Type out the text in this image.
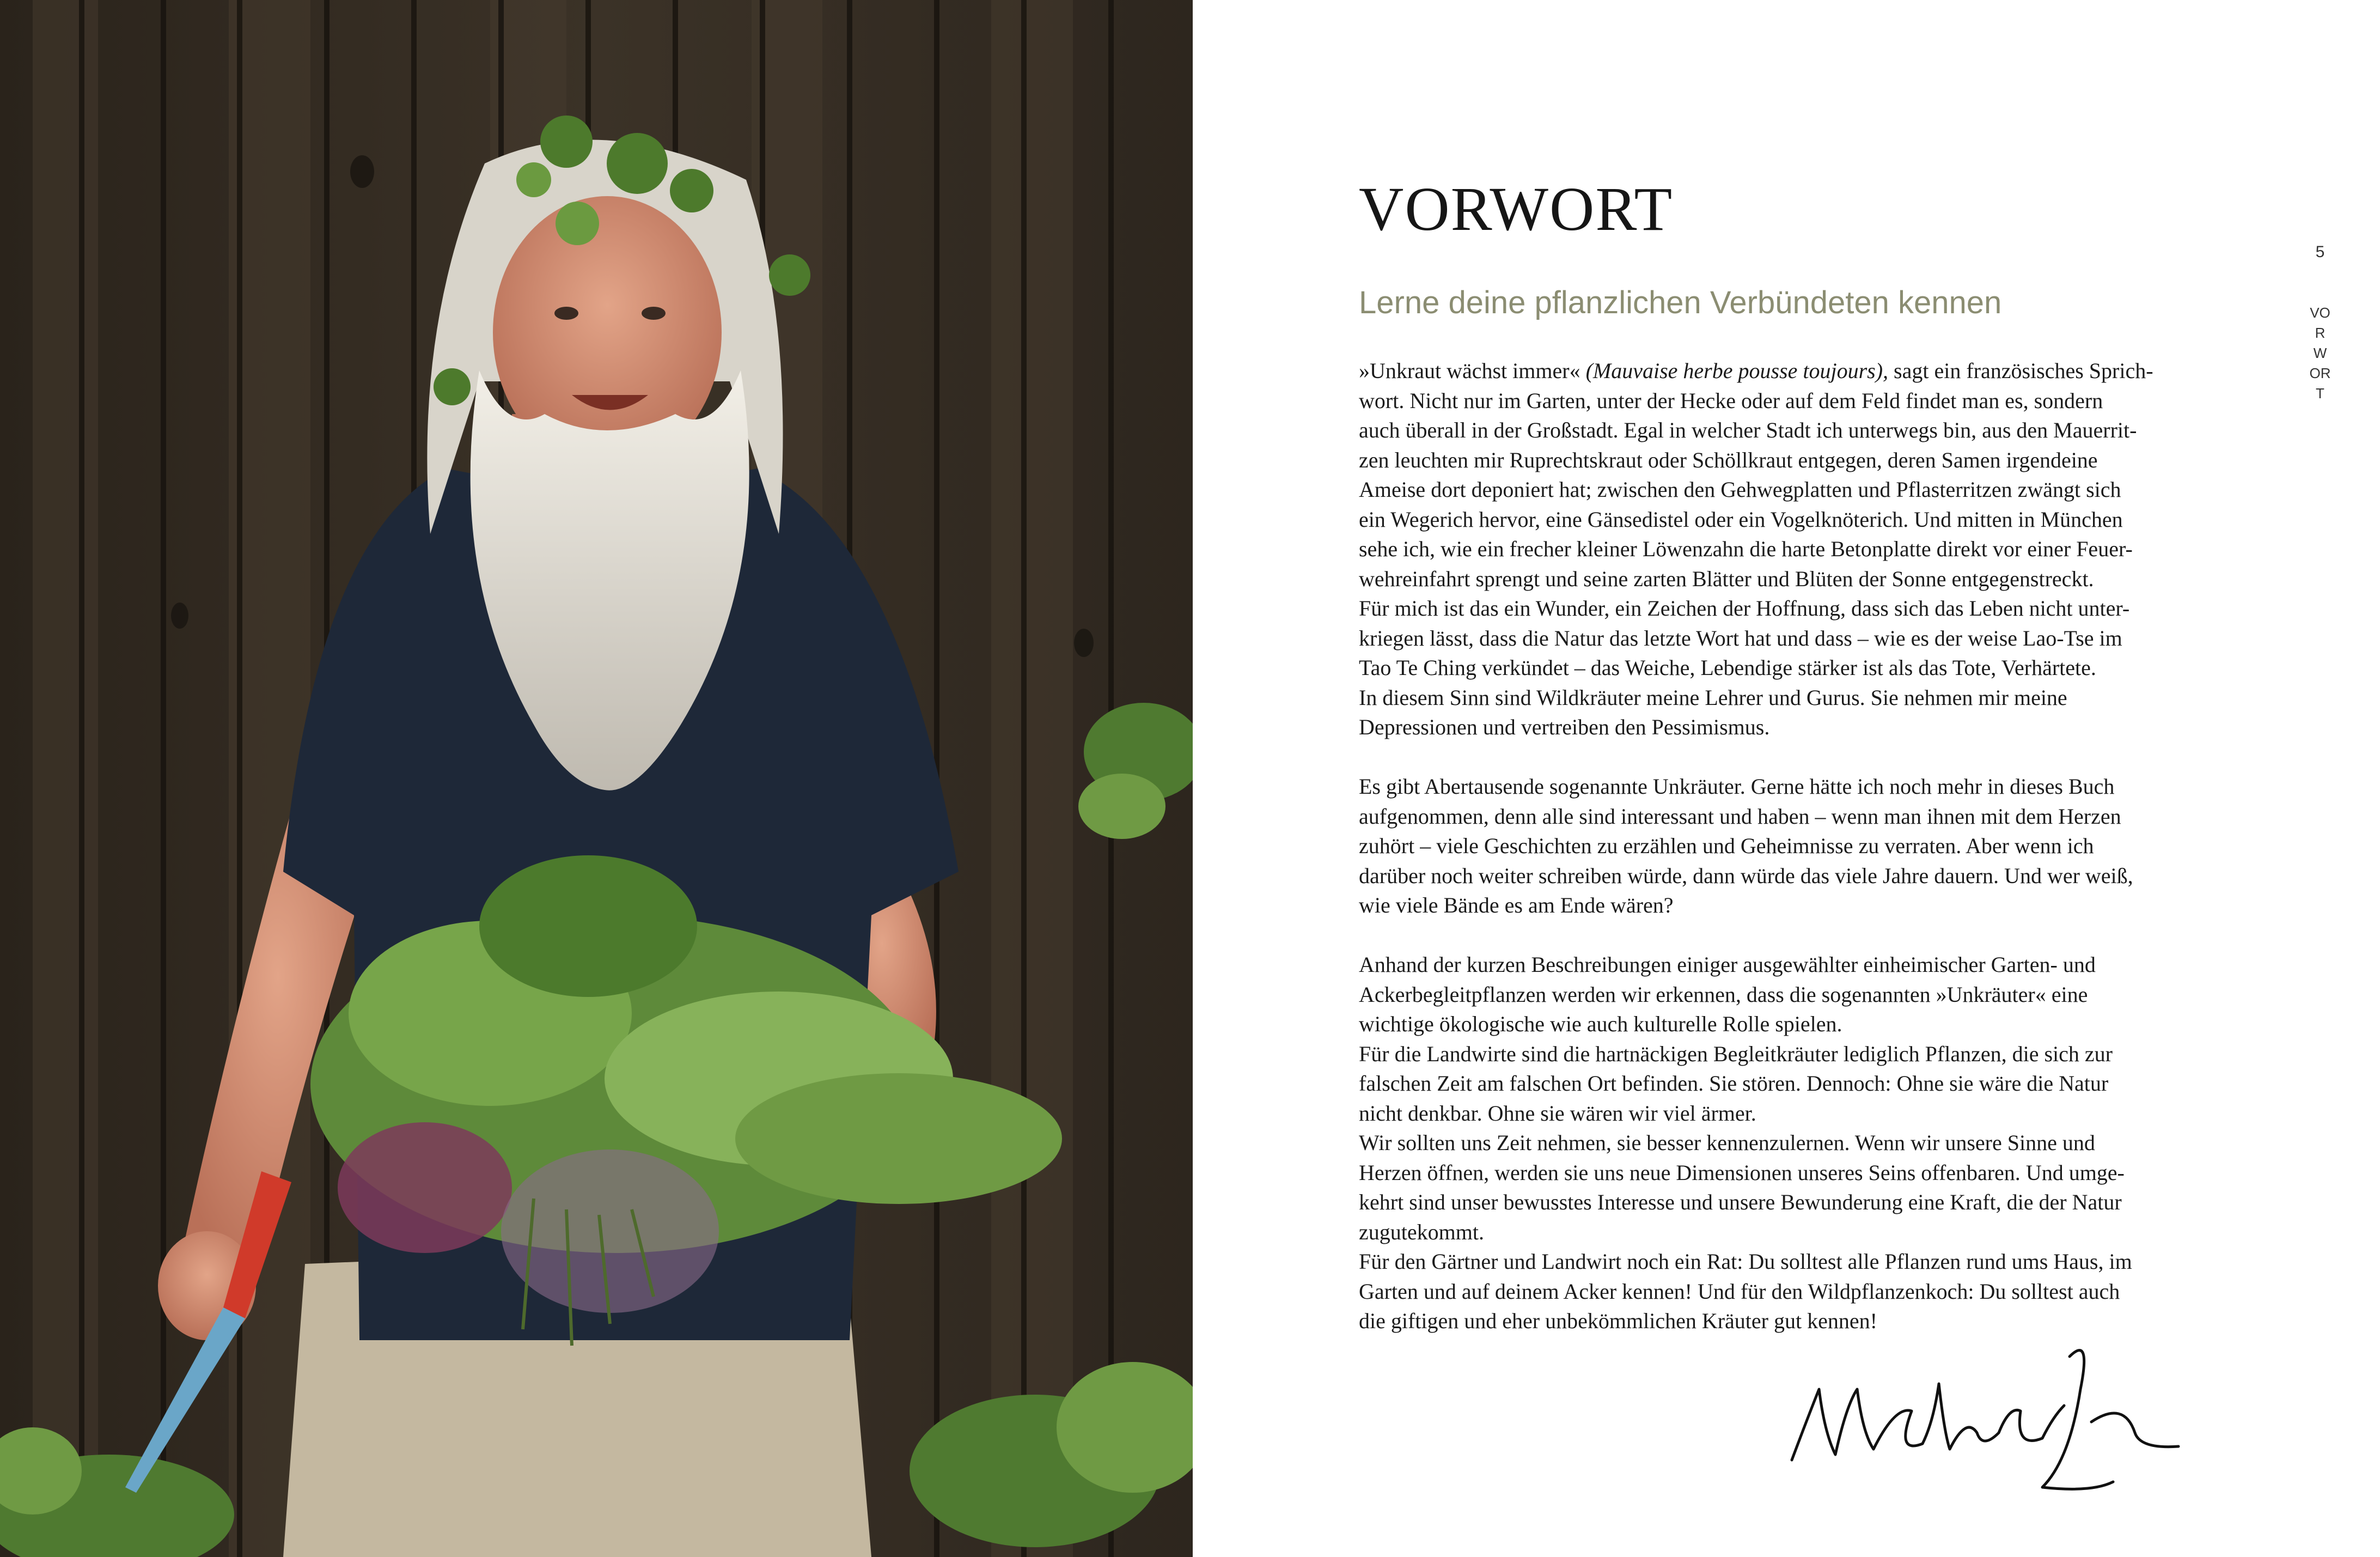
VORWORT
Lerne deine pflanzlichen Verbündeten kennen

»Unkraut wächst immer« (Mauvaise herbe pousse toujours), sagt ein französisches Sprich-
wort. Nicht nur im Garten, unter der Hecke oder auf dem Feld findet man es, sondern
auch überall in der Großstadt. Egal in welcher Stadt ich unterwegs bin, aus den Mauerrit-
zen leuchten mir Ruprechtskraut oder Schöllkraut entgegen, deren Samen irgendeine
Ameise dort deponiert hat; zwischen den Gehwegplatten und Pflasterritzen zwängt sich
ein Wegerich hervor, eine Gänsedistel oder ein Vogelknöterich. Und mitten in München
sehe ich, wie ein frecher kleiner Löwenzahn die harte Betonplatte direkt vor einer Feuer-
wehreinfahrt sprengt und seine zarten Blätter und Blüten der Sonne entgegenstreckt.
Für mich ist das ein Wunder, ein Zeichen der Hoffnung, dass sich das Leben nicht unter-
kriegen lässt, dass die Natur das letzte Wort hat und dass – wie es der weise Lao-Tse im
Tao Te Ching verkündet – das Weiche, Lebendige stärker ist als das Tote, Verhärtete.
In diesem Sinn sind Wildkräuter meine Lehrer und Gurus. Sie nehmen mir meine
Depressionen und vertreiben den Pessimismus.

Es gibt Abertausende sogenannte Unkräuter. Gerne hätte ich noch mehr in dieses Buch
aufgenommen, denn alle sind interessant und haben – wenn man ihnen mit dem Herzen
zuhört – viele Geschichten zu erzählen und Geheimnisse zu verraten. Aber wenn ich
darüber noch weiter schreiben würde, dann würde das viele Jahre dauern. Und wer weiß,
wie viele Bände es am Ende wären?

Anhand der kurzen Beschreibungen einiger ausgewählter einheimischer Garten- und
Ackerbegleitpflanzen werden wir erkennen, dass die sogenannten »Unkräuter« eine
wichtige ökologische wie auch kulturelle Rolle spielen.
Für die Landwirte sind die hartnäckigen Begleitkräuter lediglich Pflanzen, die sich zur
falschen Zeit am falschen Ort befinden. Sie stören. Dennoch: Ohne sie wäre die Natur
nicht denkbar. Ohne sie wären wir viel ärmer.
Wir sollten uns Zeit nehmen, sie besser kennenzulernen. Wenn wir unsere Sinne und
Herzen öffnen, werden sie uns neue Dimensionen unseres Seins offenbaren. Und umge-
kehrt sind unser bewusstes Interesse und unsere Bewunderung eine Kraft, die der Natur
zugutekommt.
Für den Gärtner und Landwirt noch ein Rat: Du solltest alle Pflanzen rund ums Haus, im
Garten und auf deinem Acker kennen! Und für den Wildpflanzenkoch: Du solltest auch
die giftigen und eher unbekömmlichen Kräuter gut kennen!

5
VORWORT
